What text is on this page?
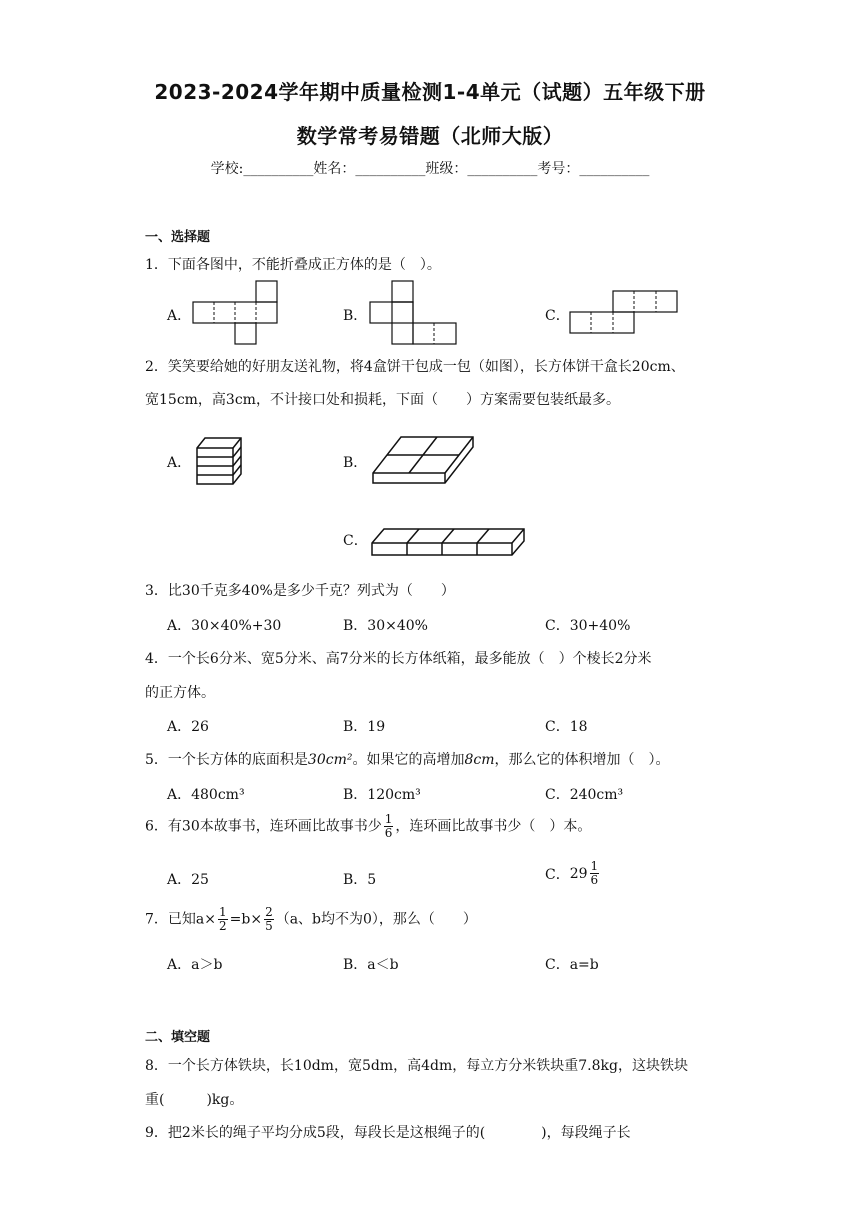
2023-2024学年期中质量检测1-4单元（试题）五年级下册
数学常考易错题（北师大版）
学校:__________姓名：__________班级：__________考号：__________
一、选择题
1．下面各图中，不能折叠成正方体的是（　）。
A．	B．	C．
2．笑笑要给她的好朋友送礼物，将4盒饼干包成一包（如图），长方体饼干盒长20cm、
宽15cm，高3cm，不计接口处和损耗，下面（　　）方案需要包装纸最多。
A．	B．
C．
3．比30千克多40%是多少千克？列式为（　　）
A．30×40%+30	B．30×40%	C．30+40%
4．一个长6分米、宽5分米、高7分米的长方体纸箱，最多能放（　）个棱长2分米
的正方体。
A．26	B．19	C．18
5．一个长方体的底面积是30cm²。如果它的高增加8cm，那么它的体积增加（　）。
A．480cm³	B．120cm³	C．240cm³
6．有30本故事书，连环画比故事书少 $\frac{1}{6}$ ，连环画比故事书少（　）本。
A．25	B．5	C． $29 \frac{1}{6}$
7．已知$a\times \frac{1}{2} =b\times \frac{2}{5} (a$、b均不为0），那么（　　）
A．a＞b	B．a＜b	C．a=b
二、填空题
8．一个长方体铁块，长10dm，宽5dm，高4dm，每立方分米铁块重7.8kg，这块铁块
重(　　　)kg。
9．把2米长的绳子平均分成5段，每段长是这根绳子的(　　　　)，每段绳子长
